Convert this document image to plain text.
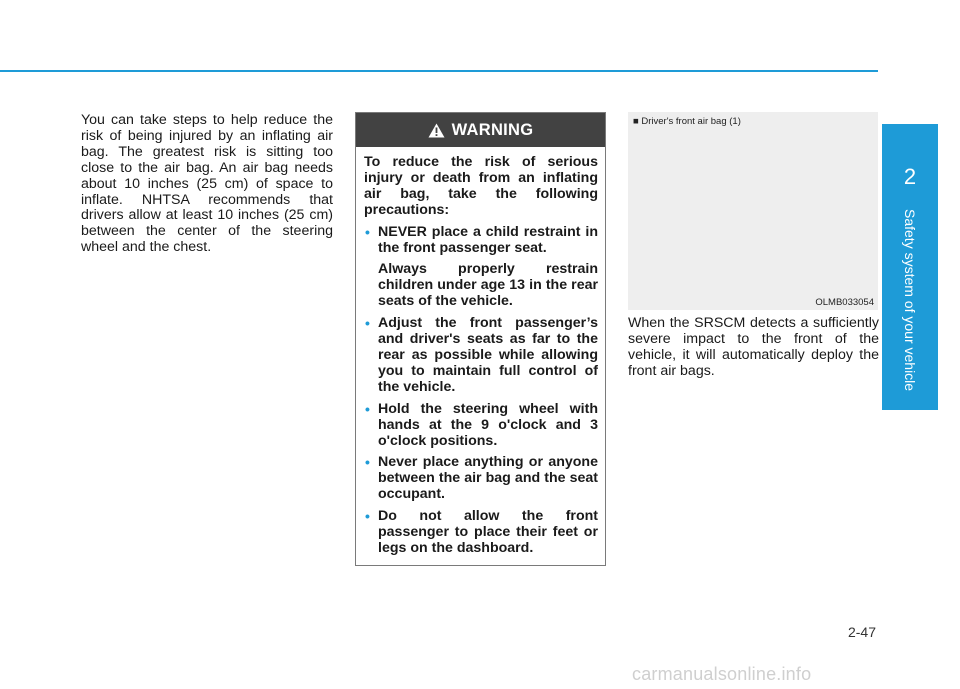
You can take steps to help reduce the risk of being injured by an inflating air bag. The greatest risk is sitting too close to the air bag. An air bag needs about 10 inches (25 cm) of space to inflate. NHTSA recommends that drivers allow at least 10 inches (25 cm) between the center of the steering wheel and the chest.
WARNING
To reduce the risk of serious injury or death from an inflating air bag, take the following precautions:
• NEVER place a child restraint in the front passenger seat.
Always properly restrain children under age 13 in the rear seats of the vehicle.
• Adjust the front passenger’s and driver's seats as far to the rear as possible while allowing you to maintain full control of the vehicle.
• Hold the steering wheel with hands at the 9 o'clock and 3 o'clock positions.
• Never place anything or anyone between the air bag and the seat occupant.
• Do not allow the front passenger to place their feet or legs on the dashboard.
■ Driver's front air bag (1)
OLMB033054
When the SRSCM detects a sufficiently severe impact to the front of the vehicle, it will automatically deploy the front air bags.
2
Safety system of your vehicle
2-47
carmanualsonline.info
